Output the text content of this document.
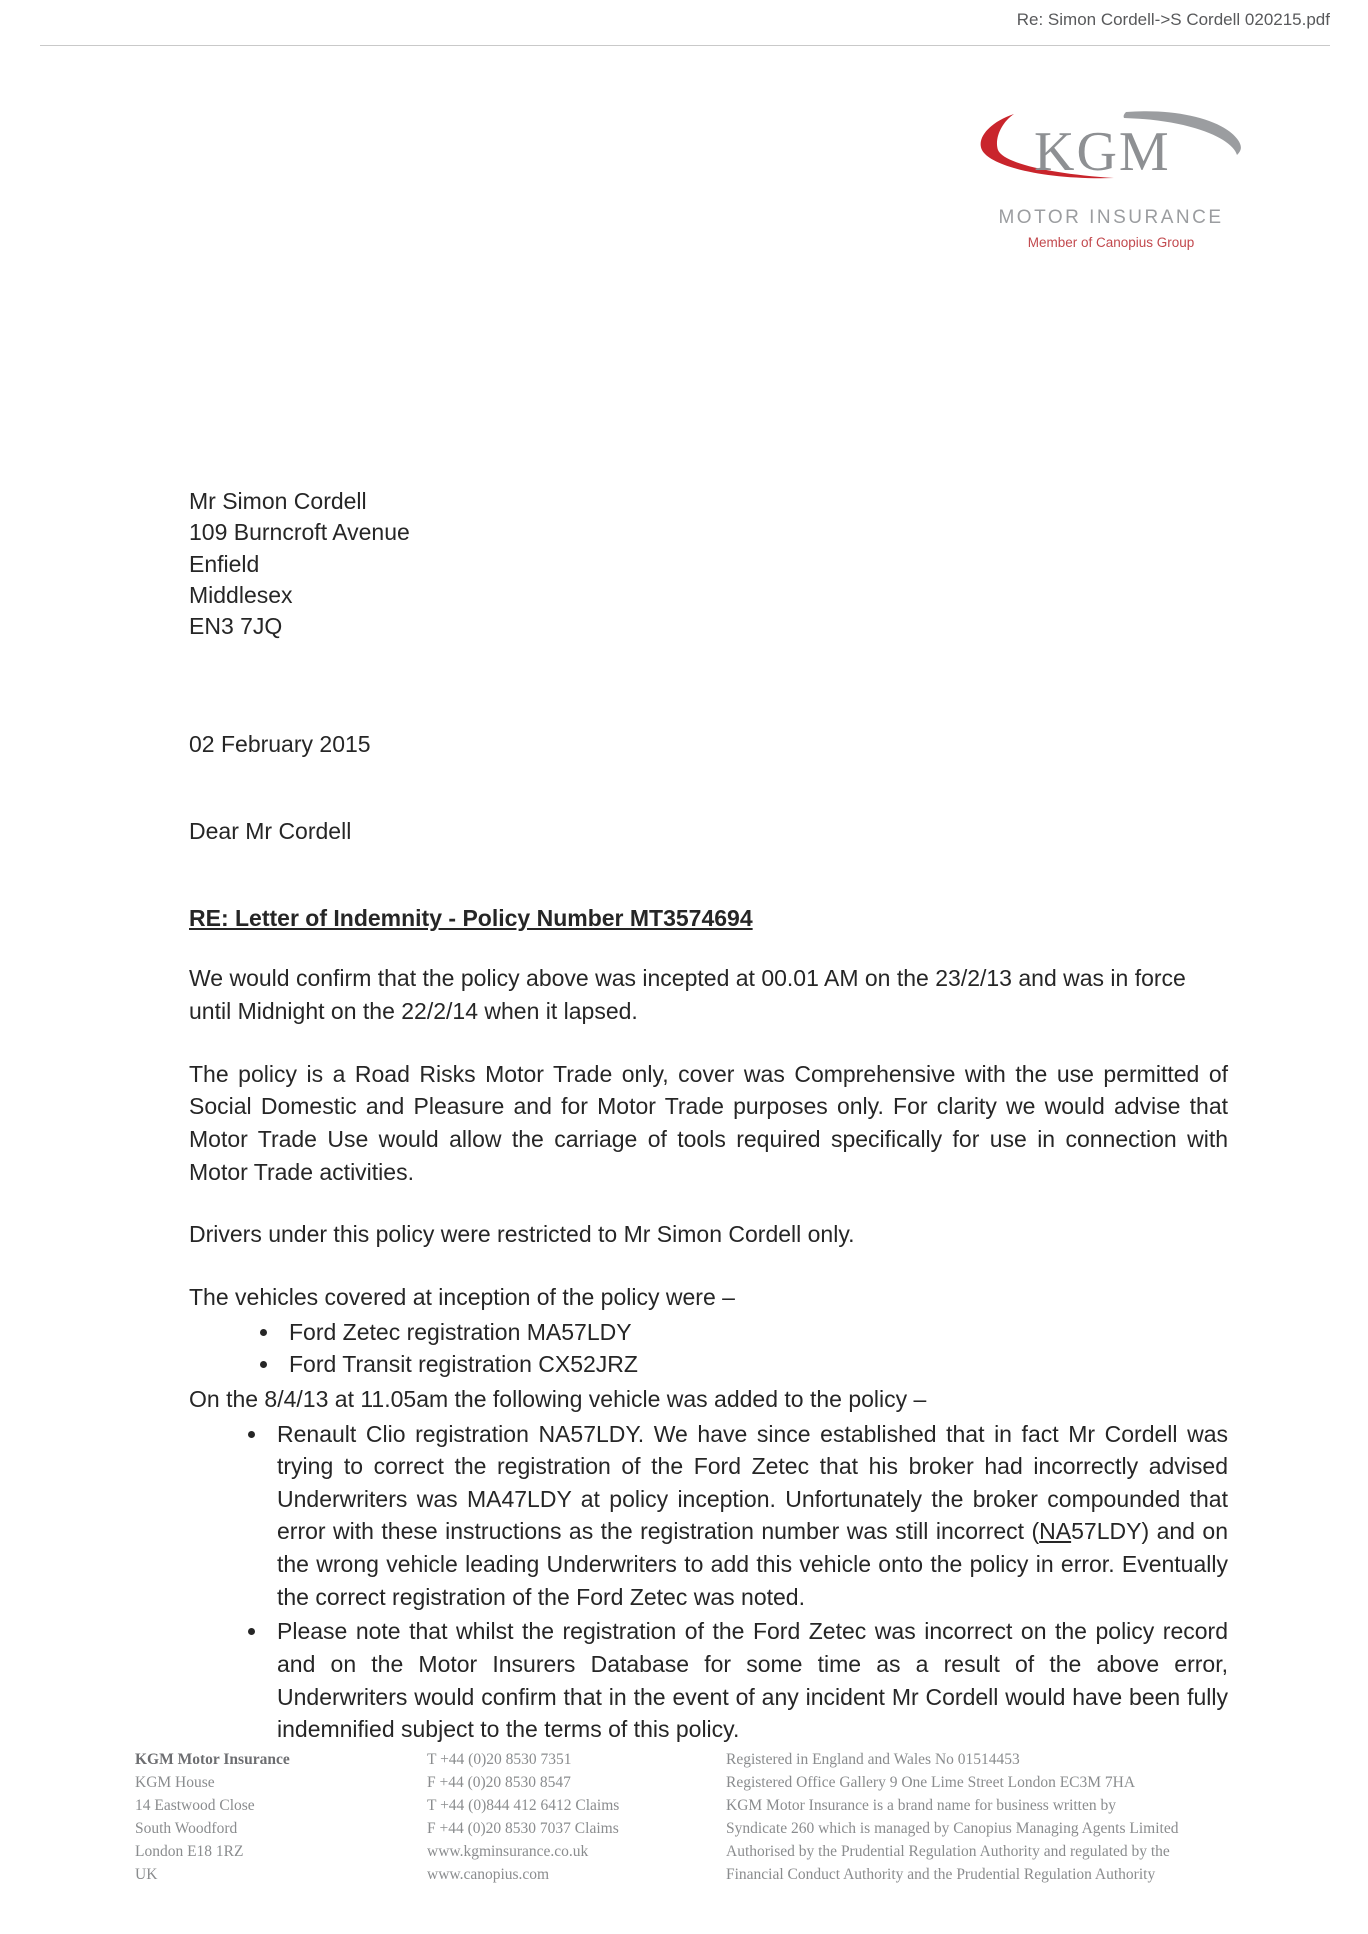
Re: Simon Cordell->S Cordell 020215.pdf
KGM
MOTOR INSURANCE
Member of Canopius Group
Mr Simon Cordell
109 Burncroft Avenue
Enfield
Middlesex
EN3 7JQ
02 February 2015
Dear Mr Cordell
RE: Letter of Indemnity - Policy Number MT3574694

We would confirm that the policy above was incepted at 00.01 AM on the 23/2/13 and was in force until Midnight on the 22/2/14 when it lapsed.

The policy is a Road Risks Motor Trade only, cover was Comprehensive with the use permitted of Social Domestic and Pleasure and for Motor Trade purposes only. For clarity we would advise that Motor Trade Use would allow the carriage of tools required specifically for use in connection with Motor Trade activities.

Drivers under this policy were restricted to Mr Simon Cordell only.

The vehicles covered at inception of the policy were –

• Ford Zetec registration MA57LDY
• Ford Transit registration CX52JRZ

On the 8/4/13 at 11.05am the following vehicle was added to the policy –

• Renault Clio registration NA57LDY. We have since established that in fact Mr Cordell was trying to correct the registration of the Ford Zetec that his broker had incorrectly advised Underwriters was MA47LDY at policy inception. Unfortunately the broker compounded that error with these instructions as the registration number was still incorrect (NA57LDY) and on the wrong vehicle leading Underwriters to add this vehicle onto the policy in error. Eventually the correct registration of the Ford Zetec was noted.
• Please note that whilst the registration of the Ford Zetec was incorrect on the policy record and on the Motor Insurers Database for some time as a result of the above error, Underwriters would confirm that in the event of any incident Mr Cordell would have been fully indemnified subject to the terms of this policy.
KGM Motor Insurance
KGM House
14 Eastwood Close
South Woodford
London E18 1RZ
UK
T +44 (0)20 8530 7351
F +44 (0)20 8530 8547
T +44 (0)844 412 6412 Claims
F +44 (0)20 8530 7037 Claims
www.kgminsurance.co.uk
www.canopius.com
Registered in England and Wales No 01514453
Registered Office Gallery 9 One Lime Street London EC3M 7HA
KGM Motor Insurance is a brand name for business written by
Syndicate 260 which is managed by Canopius Managing Agents Limited
Authorised by the Prudential Regulation Authority and regulated by the
Financial Conduct Authority and the Prudential Regulation Authority
